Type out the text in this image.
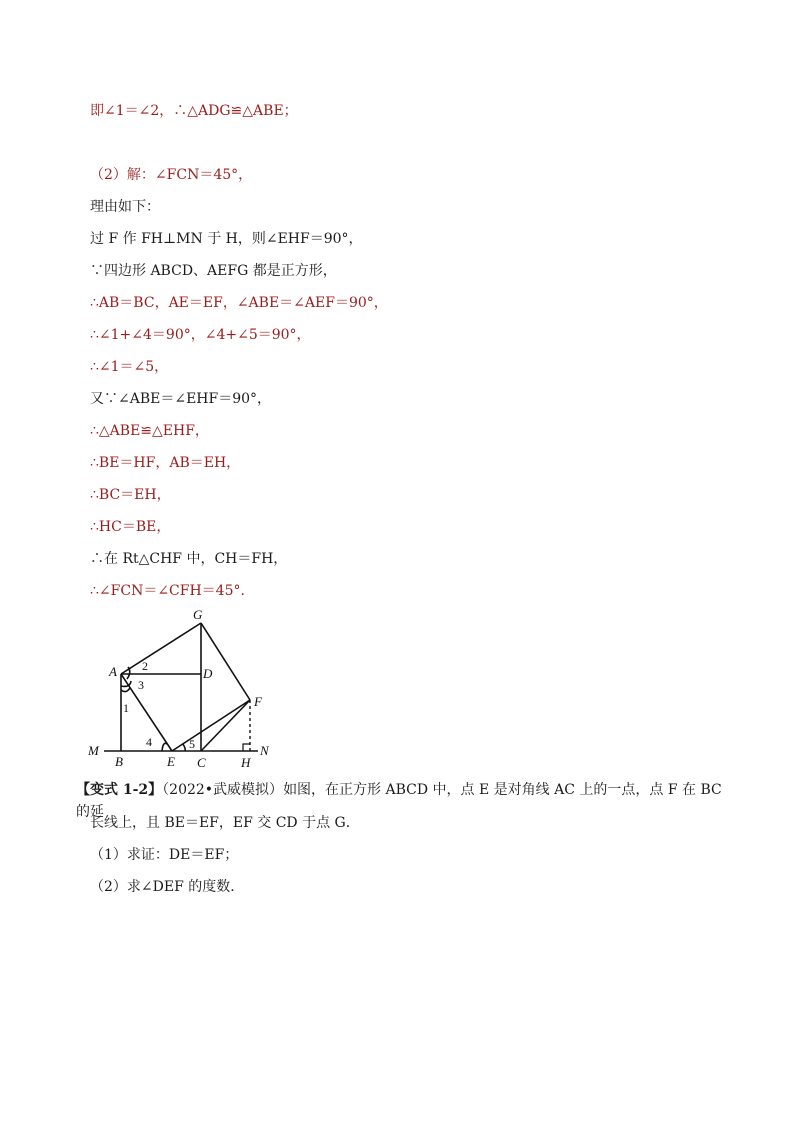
即∠1＝∠2，∴△ADG≌△ABE；
（2）解：∠FCN＝45°，
理由如下：
过 F 作 FH⊥MN 于 H，则∠EHF＝90°，
∵四边形 ABCD、AEFG 都是正方形，
∴AB＝BC，AE＝EF，∠ABE＝∠AEF＝90°，
∴∠1+∠4＝90°，∠4+∠5＝90°，
∴∠1＝∠5，
又∵∠ABE＝∠EHF＝90°，
∴△ABE≌△EHF，
∴BE＝HF，AB＝EH，
∴BC＝EH，
∴HC＝BE，
∴在 Rt△CHF 中，CH＝FH，
∴∠FCN＝∠CFH＝45°．
G
A	D
F
M
B	E C	H
N
1
2
3
4	5
【变式 1-2】（2022•武威模拟）如图，在正方形 ABCD 中，点 E 是对角线 AC 上的一点，点 F 在 BC 的延
长线上，且 BE＝EF，EF 交 CD 于点 G．
（1）求证：DE＝EF；
（2）求∠DEF 的度数．
